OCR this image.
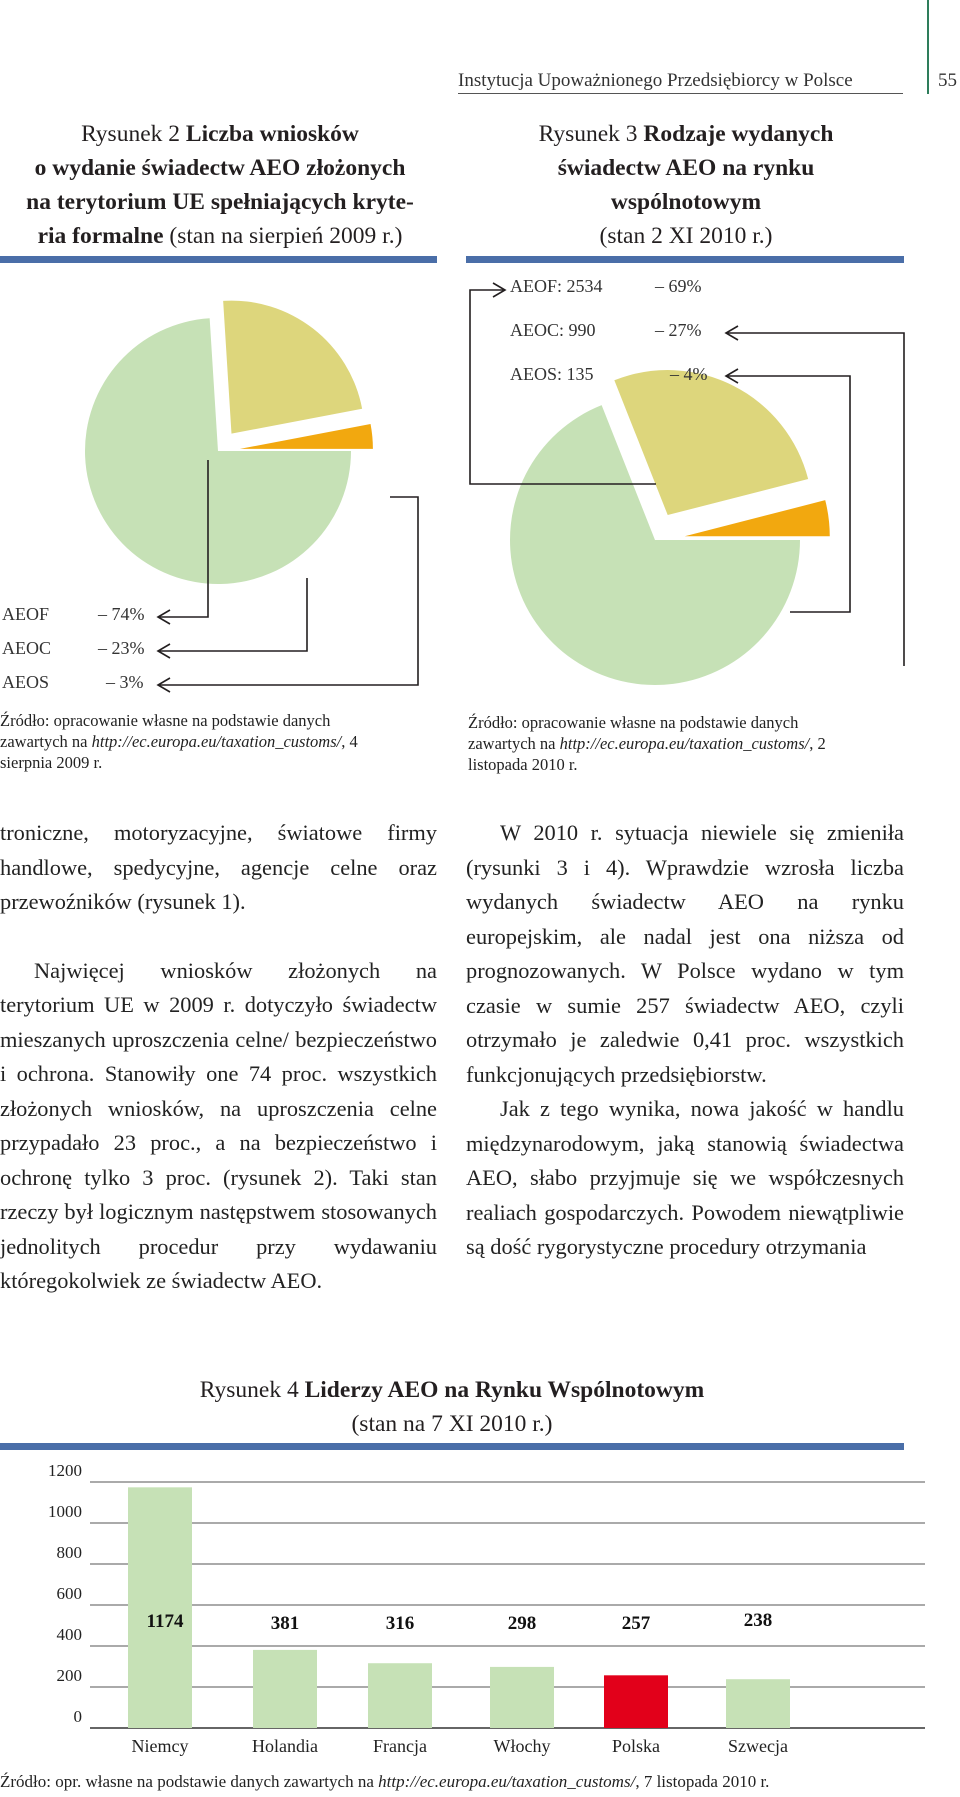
Instytucja Upoważnionego Przedsiębiorcy w Polsce	55
Rysunek 2 Liczba wniosków
o wydanie świadectw AEO złożonych
na terytorium UE spełniających kryte-
ria formalne (stan na sierpień 2009 r.)
Rysunek 3 Rodzaje wydanych
świadectw AEO na rynku
wspólnotowym
(stan 2 XI 2010 r.)
AEOF	– 74%
AEOC	– 23%
AEOS	– 3%
AEOF: 2534	– 69%
AEOC: 990	– 27%
AEOS: 135	– 4%
Źródło: opracowanie własne na podstawie danych
zawartych na http://ec.europa.eu/taxation_customs/, 4
sierpnia 2009 r.
Źródło: opracowanie własne na podstawie danych
zawartych na http://ec.europa.eu/taxation_customs/, 2
listopada 2010 r.

troniczne, motoryzacyjne, światowe firmy handlowe, spedycyjne, agencje celne oraz przewoźników (rysunek 1).

Najwięcej wniosków złożonych na terytorium UE w 2009 r. dotyczyło świadectw mieszanych uproszczenia celne/ bezpieczeństwo i ochrona. Stanowiły one 74 proc. wszystkich złożonych wniosków, na uproszczenia celne przypadało 23 proc., a na bezpieczeństwo i ochronę tylko 3 proc. (rysunek 2). Taki stan rzeczy był logicznym następstwem stosowanych jednolitych procedur przy wydawaniu któregokolwiek ze świadectw AEO.

W 2010 r. sytuacja niewiele się zmieniła (rysunki 3 i 4). Wprawdzie wzrosła liczba wydanych świadectw AEO na rynku europejskim, ale nadal jest ona niższa od prognozowanych. W Polsce wydano w tym czasie w sumie 257 świadectw AEO, czyli otrzymało je zaledwie 0,41 proc. wszystkich funkcjonujących przedsiębiorstw.

Jak z tego wynika, nowa jakość w handlu międzynarodowym, jaką stanowią świadectwa AEO, słabo przyjmuje się we współczesnych realiach gospodarczych. Powodem niewątpliwie są dość rygorystyczne procedury otrzymania

Rysunek 4 Liderzy AEO na Rynku Wspólnotowym
(stan na 7 XI 2010 r.)
0
200
400
600
800
1000
1200
1174
Niemcy
381
Holandia
316
Francja
298
Włochy
257
Polska
238
Szwecja
Źródło: opr. własne na podstawie danych zawartych na http://ec.europa.eu/taxation_customs/, 7 listopada 2010 r.
